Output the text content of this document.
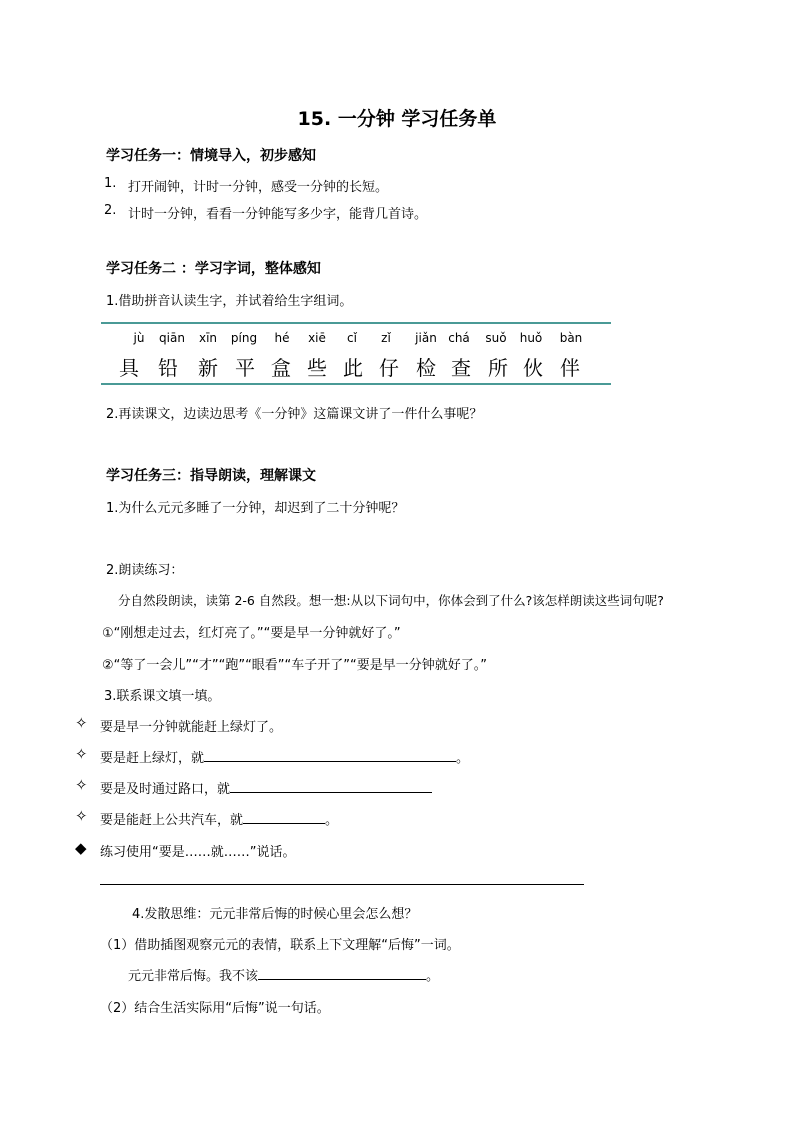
15. 一分钟 学习任务单
学习任务一：情境导入，初步感知
1. 打开闹钟，计时一分钟，感受一分钟的长短。
2. 计时一分钟，看看一分钟能写多少字，能背几首诗。
学习任务二 ：学习字词，整体感知
1.借助拼音认读生字，并试着给生字组词。
jù	qiān	xīn	píng	hé	xiē	cǐ	zǐ	jiǎn chá	suǒ	huǒ	bàn
具 铅 新 平 盒 些 此 仔 检 查 所 伙 伴
2.再读课文，边读边思考《一分钟》这篇课文讲了一件什么事呢？
学习任务三：指导朗读，理解课文
1.为什么元元多睡了一分钟，却迟到了二十分钟呢？
2.朗读练习：
分自然段朗读，读第 2-6 自然段。想一想:从以下词句中，你体会到了什么?该怎样朗读这些词句呢?
①“刚想走过去，红灯亮了。”“要是早一分钟就好了。”
②“等了一会儿”“才”“跑”“眼看”“车子开了”“要是早一分钟就好了。”
3.联系课文填一填。
✧ 要是早一分钟就能赶上绿灯了。
✧ 要是赶上绿灯，就	。
✧ 要是及时通过路口，就
✧ 要是能赶上公共汽车，就	。
◆ 练习使用“要是……就……”说话。
4.发散思维：元元非常后悔的时候心里会怎么想？
（1）借助插图观察元元的表情，联系上下文理解“后悔”一词。
元元非常后悔。我不该	。
（2）结合生活实际用“后悔”说一句话。
